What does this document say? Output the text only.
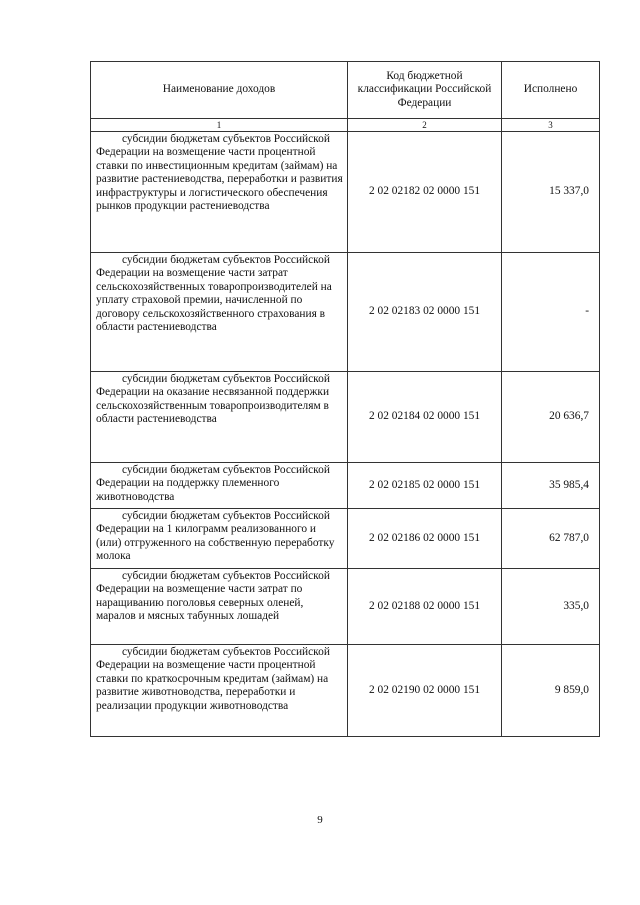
Наименование доходов	Код бюджетной классификации Российской Федерации	Исполнено
1	2	3

субсидии бюджетам субъектов Российской Федерации на возмещение части процентной ставки по инвестиционным кредитам (займам) на развитие растениеводства, переработки и развития инфраструктуры и логистического обеспечения рынков продукции растениеводства	2 02 02182 02 0000 151	15 337,0

субсидии бюджетам субъектов Российской Федерации на возмещение части затрат сельскохозяйственных товаропроизводителей на уплату страховой премии, начисленной по договору сельскохозяйственного страхования в области растениеводства	2 02 02183 02 0000 151	-

субсидии бюджетам субъектов Российской Федерации на оказание несвязанной поддержки сельскохозяйственным товаропроизводителям в области растениеводства	2 02 02184 02 0000 151	20 636,7

субсидии бюджетам субъектов Российской Федерации на поддержку племенного животноводства	2 02 02185 02 0000 151	35 985,4

субсидии бюджетам субъектов Российской Федерации на 1 килограмм реализованного и (или) отгруженного на собственную переработку молока	2 02 02186 02 0000 151	62 787,0

субсидии бюджетам субъектов Российской Федерации на возмещение части затрат по наращиванию поголовья северных оленей, маралов и мясных табунных лошадей	2 02 02188 02 0000 151	335,0

субсидии бюджетам субъектов Российской Федерации на возмещение части процентной ставки по краткосрочным кредитам (займам) на развитие животноводства, переработки и реализации продукции животноводства	2 02 02190 02 0000 151	9 859,0
9
